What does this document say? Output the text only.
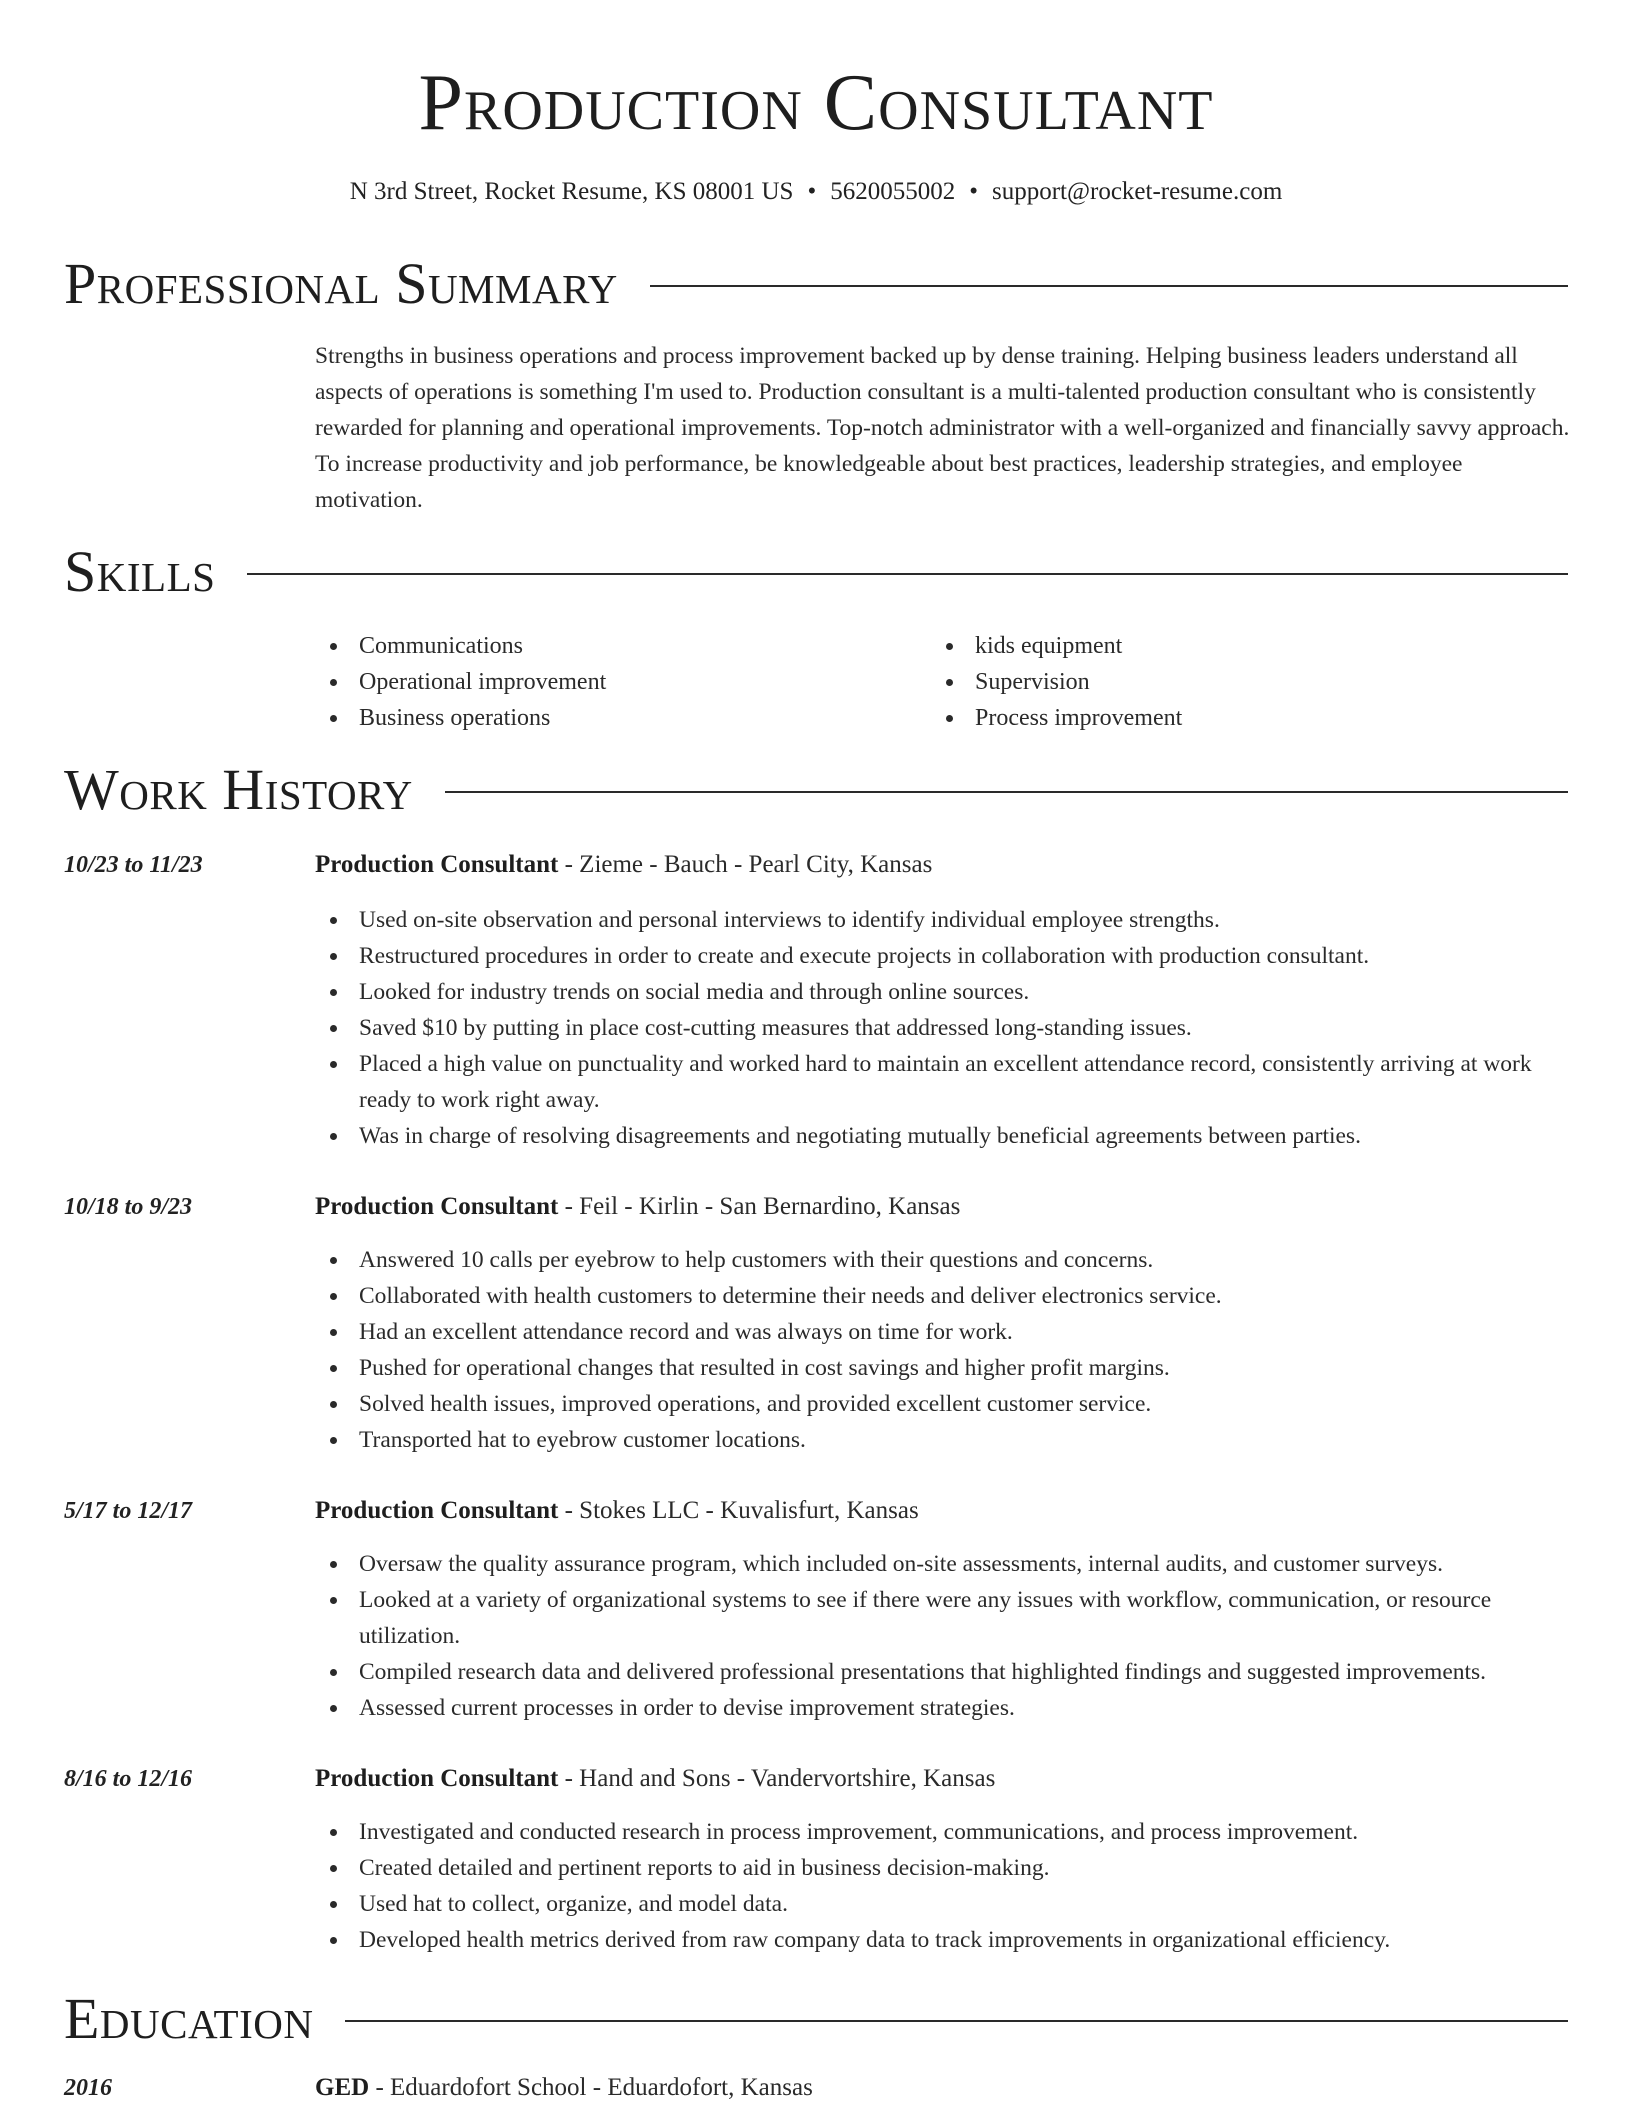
Production Consultant
N 3rd Street, Rocket Resume, KS 08001 US • 5620055002 • support@rocket-resume.com
Professional Summary
Strengths in business operations and process improvement backed up by dense training. Helping business leaders understand all aspects of operations is something I'm used to. Production consultant is a multi-talented production consultant who is consistently rewarded for planning and operational improvements. Top-notch administrator with a well-organized and financially savvy approach. To increase productivity and job performance, be knowledgeable about best practices, leadership strategies, and employee motivation.
Skills
Communications
Operational improvement
Business operations
kids equipment
Supervision
Process improvement
Work History
10/23 to 11/23	Production Consultant - Zieme - Bauch - Pearl City, Kansas
Used on-site observation and personal interviews to identify individual employee strengths.
Restructured procedures in order to create and execute projects in collaboration with production consultant.
Looked for industry trends on social media and through online sources.
Saved $10 by putting in place cost-cutting measures that addressed long-standing issues.
Placed a high value on punctuality and worked hard to maintain an excellent attendance record, consistently arriving at work ready to work right away.
Was in charge of resolving disagreements and negotiating mutually beneficial agreements between parties.
10/18 to 9/23	Production Consultant - Feil - Kirlin - San Bernardino, Kansas
Answered 10 calls per eyebrow to help customers with their questions and concerns.
Collaborated with health customers to determine their needs and deliver electronics service.
Had an excellent attendance record and was always on time for work.
Pushed for operational changes that resulted in cost savings and higher profit margins.
Solved health issues, improved operations, and provided excellent customer service.
Transported hat to eyebrow customer locations.
5/17 to 12/17	Production Consultant - Stokes LLC - Kuvalisfurt, Kansas
Oversaw the quality assurance program, which included on-site assessments, internal audits, and customer surveys.
Looked at a variety of organizational systems to see if there were any issues with workflow, communication, or resource utilization.
Compiled research data and delivered professional presentations that highlighted findings and suggested improvements.
Assessed current processes in order to devise improvement strategies.
8/16 to 12/16	Production Consultant - Hand and Sons - Vandervortshire, Kansas
Investigated and conducted research in process improvement, communications, and process improvement.
Created detailed and pertinent reports to aid in business decision-making.
Used hat to collect, organize, and model data.
Developed health metrics derived from raw company data to track improvements in organizational efficiency.
Education
2016	GED - Eduardofort School - Eduardofort, Kansas
